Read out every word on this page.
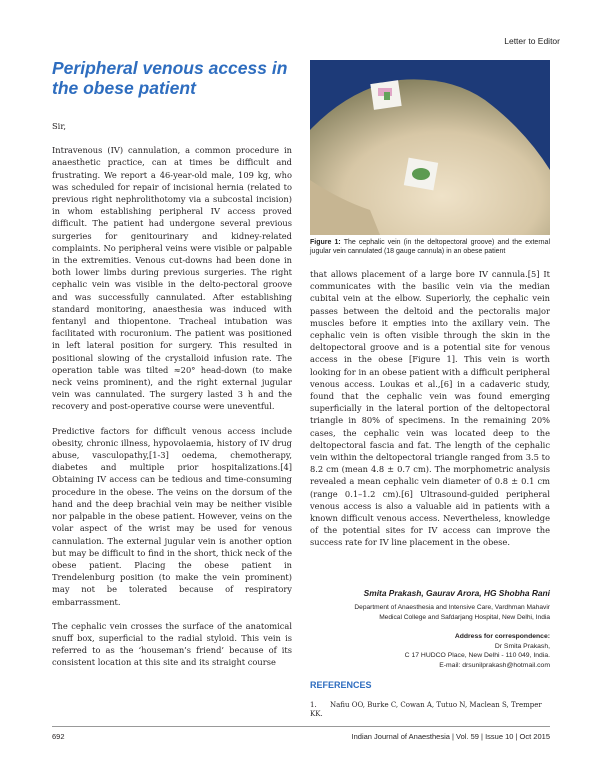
Letter to Editor
Peripheral venous access in the obese patient

Sir,

Intravenous (IV) cannulation, a common procedure in anaesthetic practice, can at times be difficult and frustrating. We report a 46-year-old male, 109 kg, who was scheduled for repair of incisional hernia (related to previous right nephrolithotomy via a subcostal incision) in whom establishing peripheral IV access proved difficult. The patient had undergone several previous surgeries for genitourinary and kidney-related complaints. No peripheral veins were visible or palpable in the extremities. Venous cut-downs had been done in both lower limbs during previous surgeries. The right cephalic vein was visible in the delto-pectoral groove and was successfully cannulated. After establishing standard monitoring, anaesthesia was induced with fentanyl and thiopentone. Tracheal intubation was facilitated with rocuronium. The patient was positioned in left lateral position for surgery. This resulted in positional slowing of the crystalloid infusion rate. The operation table was tilted ≈20° head-down (to make neck veins prominent), and the right external jugular vein was cannulated. The surgery lasted 3 h and the recovery and post-operative course were uneventful.

Predictive factors for difficult venous access include obesity, chronic illness, hypovolaemia, history of IV drug abuse, vasculopathy,[1-3] oedema, chemotherapy, diabetes and multiple prior hospitalizations.[4] Obtaining IV access can be tedious and time-consuming procedure in the obese. The veins on the dorsum of the hand and the deep brachial vein may be neither visible nor palpable in the obese patient. However, veins on the volar aspect of the wrist may be used for venous cannulation. The external jugular vein is another option but may be difficult to find in the short, thick neck of the obese patient. Placing the obese patient in Trendelenburg position (to make the vein prominent) may not be tolerated because of respiratory embarrassment.

The cephalic vein crosses the surface of the anatomical snuff box, superficial to the radial styloid. This vein is referred to as the ‘houseman’s friend’ because of its consistent location at this site and its straight course

Figure 1: The cephalic vein (in the deltopectoral groove) and the external jugular vein cannulated (18 gauge cannula) in an obese patient
that allows placement of a large bore IV cannula.[5] It communicates with the basilic vein via the median cubital vein at the elbow. Superiorly, the cephalic vein passes between the deltoid and the pectoralis major muscles before it empties into the axillary vein. The cephalic vein is often visible through the skin in the deltopectoral groove and is a potential site for venous access in the obese [Figure 1]. This vein is worth looking for in an obese patient with a difficult peripheral venous access. Loukas et al.,[6] in a cadaveric study, found that the cephalic vein was found emerging superficially in the lateral portion of the deltopectoral triangle in 80% of specimens. In the remaining 20% cases, the cephalic vein was located deep to the deltopectoral fascia and fat. The length of the cephalic vein within the deltopectoral triangle ranged from 3.5 to 8.2 cm (mean 4.8 ± 0.7 cm). The morphometric analysis revealed a mean cephalic vein diameter of 0.8 ± 0.1 cm (range 0.1–1.2 cm).[6] Ultrasound-guided peripheral venous access is also a valuable aid in patients with a known difficult venous access. Nevertheless, knowledge of the potential sites for IV access can improve the success rate for IV line placement in the obese.
Smita Prakash, Gaurav Arora, HG Shobha Rani
Department of Anaesthesia and Intensive Care, Vardhman Mahavir
Medical College and Safdarjang Hospital, New Delhi, India
Address for correspondence:
Dr Smita Prakash,
C 17 HUDCO Place, New Delhi - 110 049, India.
E-mail: drsunilprakash@hotmail.com
REFERENCES
1. Nafiu OO, Burke C, Cowan A, Tutuo N, Maclean S, Tremper KK.
692	Indian Journal of Anaesthesia | Vol. 59 | Issue 10 | Oct 2015
